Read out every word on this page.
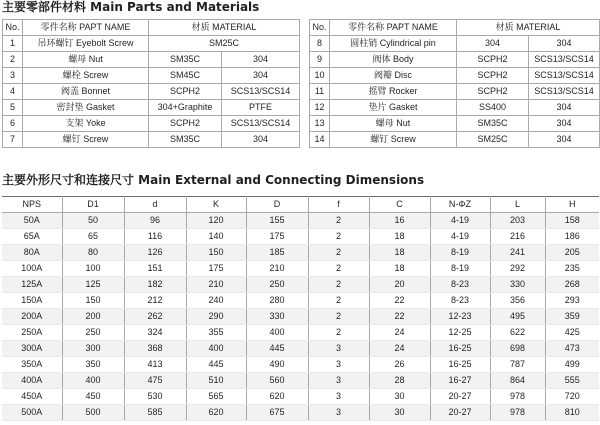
主要零部件材料 Main Parts and Materials
No.	零件名称 PAPT NAME	材质 MATERIAL	
1	吊环螺钉 Eyebolt Screw	SM25C	
2	螺母 Nut	SM35C	304
3	螺栓 Screw	SM45C	304
4	阀盖 Bonnet	SCPH2	SCS13/SCS14
5	密封垫 Gasket	304+Graphite	PTFE
6	支架 Yoke	SCPH2	SCS13/SCS14
7	螺钉 Screw	SM35C	304
No.	零件名称 PAPT NAME	材质 MATERIAL	
8	圆柱销 Cylindrical pin	304	304
9	阀体 Body	SCPH2	SCS13/SCS14
10	阀瓣 Disc	SCPH2	SCS13/SCS14
11	摇臂 Rocker	SCPH2	SCS13/SCS14
12	垫片 Gasket	SS400	304
13	螺母 Nut	SM35C	304
14	螺钉 Screw	SM25C	304
主要外形尺寸和连接尺寸 Main External and Connecting Dimensions
NPS	D1	d	K	D	f	C	N-ΦZ	L	H
50A	50	96	120	155	2	16	4-19	203	158
65A	65	116	140	175	2	18	4-19	216	186
80A	80	126	150	185	2	18	8-19	241	205
100A	100	151	175	210	2	18	8-19	292	235
125A	125	182	210	250	2	20	8-23	330	268
150A	150	212	240	280	2	22	8-23	356	293
200A	200	262	290	330	2	22	12-23	495	359
250A	250	324	355	400	2	24	12-25	622	425
300A	300	368	400	445	3	24	16-25	698	473
350A	350	413	445	490	3	26	16-25	787	499
400A	400	475	510	560	3	28	16-27	864	555
450A	450	530	565	620	3	30	20-27	978	720
500A	500	585	620	675	3	30	20-27	978	810
